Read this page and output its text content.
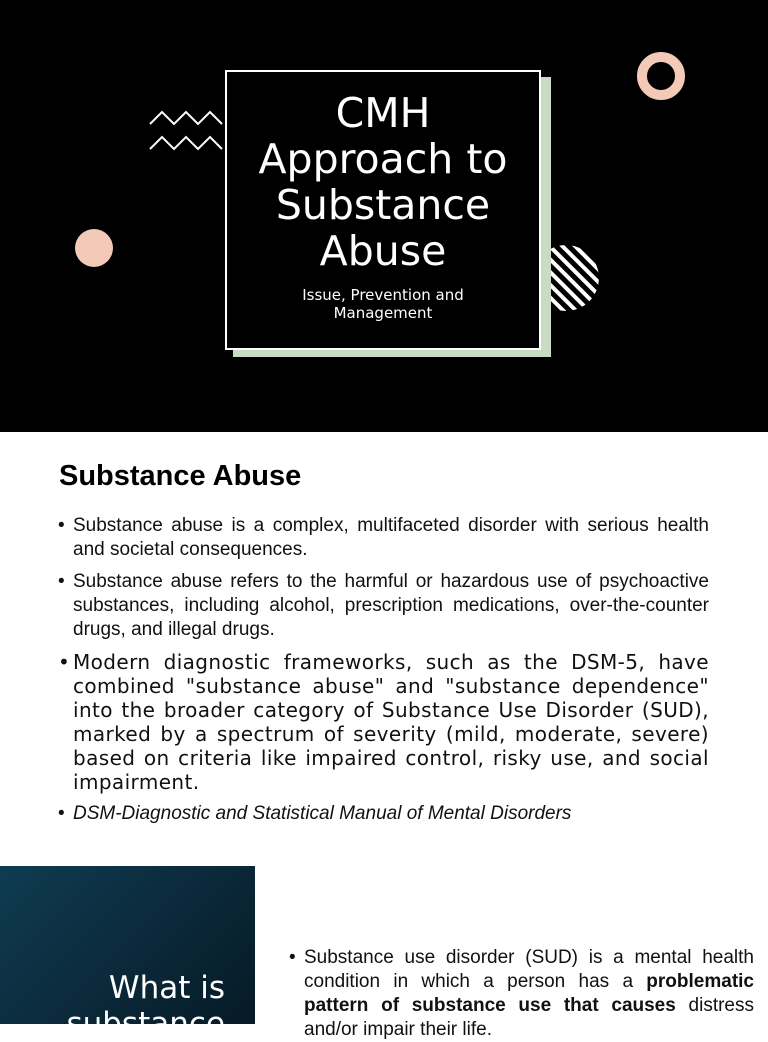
CMH
Approach to
Substance
Abuse
Issue, Prevention and Management
Substance Abuse
• Substance abuse is a complex, multifaceted disorder with serious health and societal consequences.
• Substance abuse refers to the harmful or hazardous use of psychoactive substances, including alcohol, prescription medications, over-the-counter drugs, and illegal drugs.
• Modern diagnostic frameworks, such as the DSM-5, have combined "substance abuse" and "substance dependence" into the broader category of Substance Use Disorder (SUD), marked by a spectrum of severity (mild, moderate, severe) based on criteria like impaired control, risky use, and social impairment.
• DSM-Diagnostic and Statistical Manual of Mental Disorders
What is substance
• Substance use disorder (SUD) is a mental health condition in which a person has a problematic pattern of substance use that causes distress and/or impair their life.
